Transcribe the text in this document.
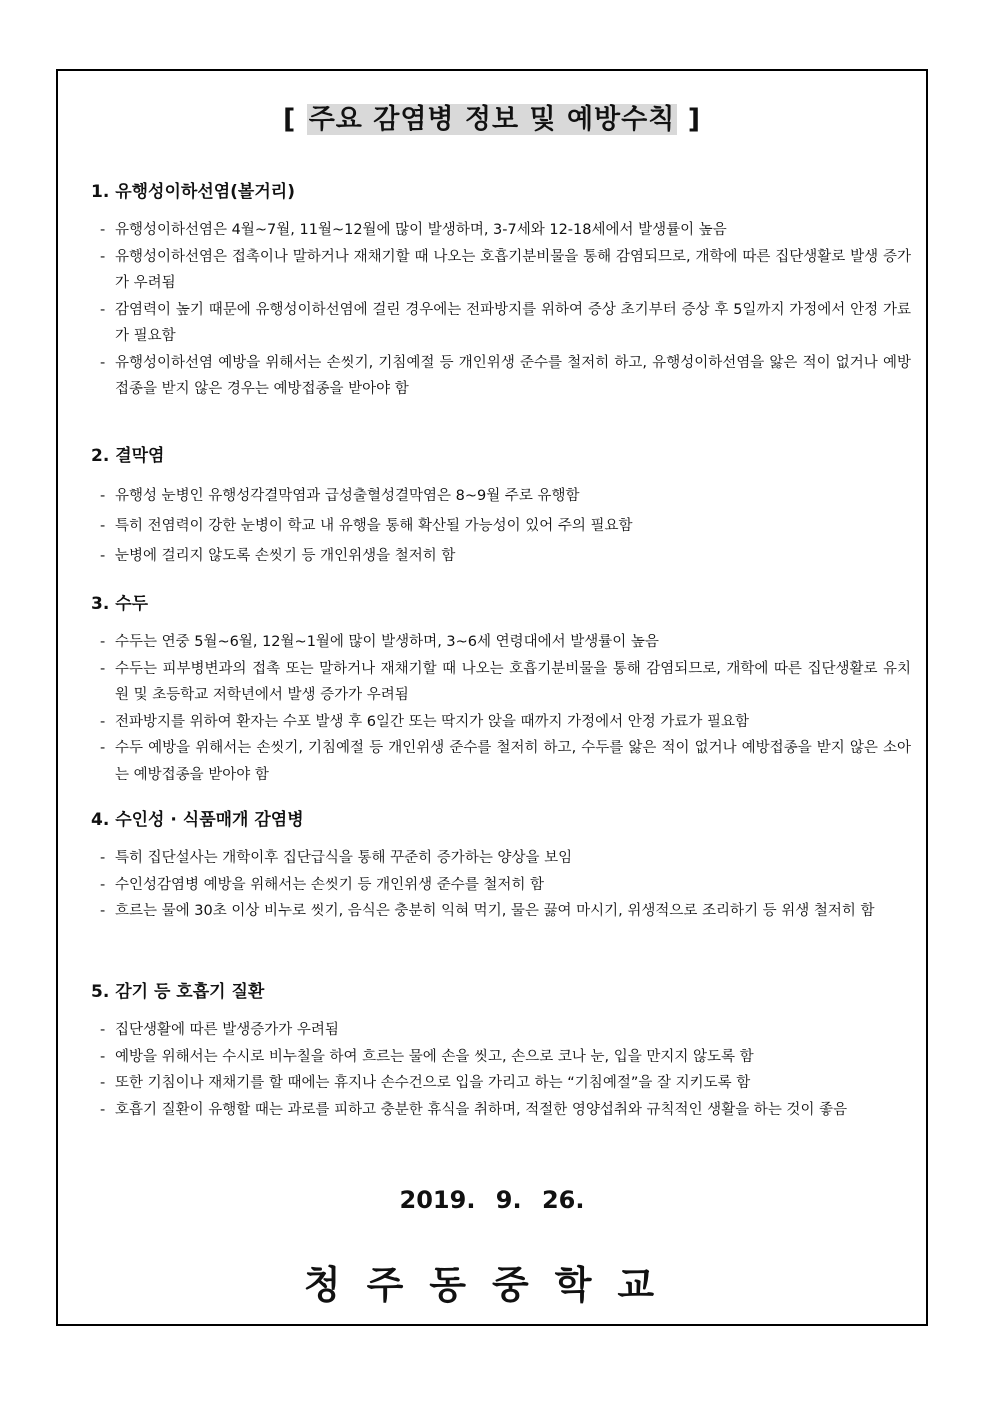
[ 주요 감염병 정보 및 예방수칙 ]
1. 유행성이하선염(볼거리)
- 유행성이하선염은 4월~7월, 11월~12월에 많이 발생하며, 3-7세와 12-18세에서 발생률이 높음
- 유행성이하선염은 접촉이나 말하거나 재채기할 때 나오는 호흡기분비물을 통해 감염되므로, 개학에 따른 집단생활로 발생 증가가 우려됨
- 감염력이 높기 때문에 유행성이하선염에 걸린 경우에는 전파방지를 위하여 증상 초기부터 증상 후 5일까지 가정에서 안정 가료가 필요함
- 유행성이하선염 예방을 위해서는 손씻기, 기침예절 등 개인위생 준수를 철저히 하고, 유행성이하선염을 앓은 적이 없거나 예방접종을 받지 않은 경우는 예방접종을 받아야 함
2. 결막염
- 유행성 눈병인 유행성각결막염과 급성출혈성결막염은 8~9월 주로 유행함
- 특히 전염력이 강한 눈병이 학교 내 유행을 통해 확산될 가능성이 있어 주의 필요함
- 눈병에 걸리지 않도록 손씻기 등 개인위생을 철저히 함
3. 수두
- 수두는 연중 5월~6월, 12월~1월에 많이 발생하며, 3~6세 연령대에서 발생률이 높음
- 수두는 피부병변과의 접촉 또는 말하거나 재채기할 때 나오는 호흡기분비물을 통해 감염되므로, 개학에 따른 집단생활로 유치원 및 초등학교 저학년에서 발생 증가가 우려됨
- 전파방지를 위하여 환자는 수포 발생 후 6일간 또는 딱지가 앉을 때까지 가정에서 안정 가료가 필요함
- 수두 예방을 위해서는 손씻기, 기침예절 등 개인위생 준수를 철저히 하고, 수두를 앓은 적이 없거나 예방접종을 받지 않은 소아는 예방접종을 받아야 함
4. 수인성 · 식품매개 감염병
- 특히 집단설사는 개학이후 집단급식을 통해 꾸준히 증가하는 양상을 보임
- 수인성감염병 예방을 위해서는 손씻기 등 개인위생 준수를 철저히 함
- 흐르는 물에 30초 이상 비누로 씻기, 음식은 충분히 익혀 먹기, 물은 끓여 마시기, 위생적으로 조리하기 등 위생 철저히 함
5. 감기 등 호흡기 질환
- 집단생활에 따른 발생증가가 우려됨
- 예방을 위해서는 수시로 비누칠을 하여 흐르는 물에 손을 씻고, 손으로 코나 눈, 입을 만지지 않도록 함
- 또한 기침이나 재채기를 할 때에는 휴지나 손수건으로 입을 가리고 하는 “기침예절”을 잘 지키도록 함
- 호흡기 질환이 유행할 때는 과로를 피하고 충분한 휴식을 취하며, 적절한 영양섭취와 규칙적인 생활을 하는 것이 좋음
2019. 9. 26.
청주동중학교
